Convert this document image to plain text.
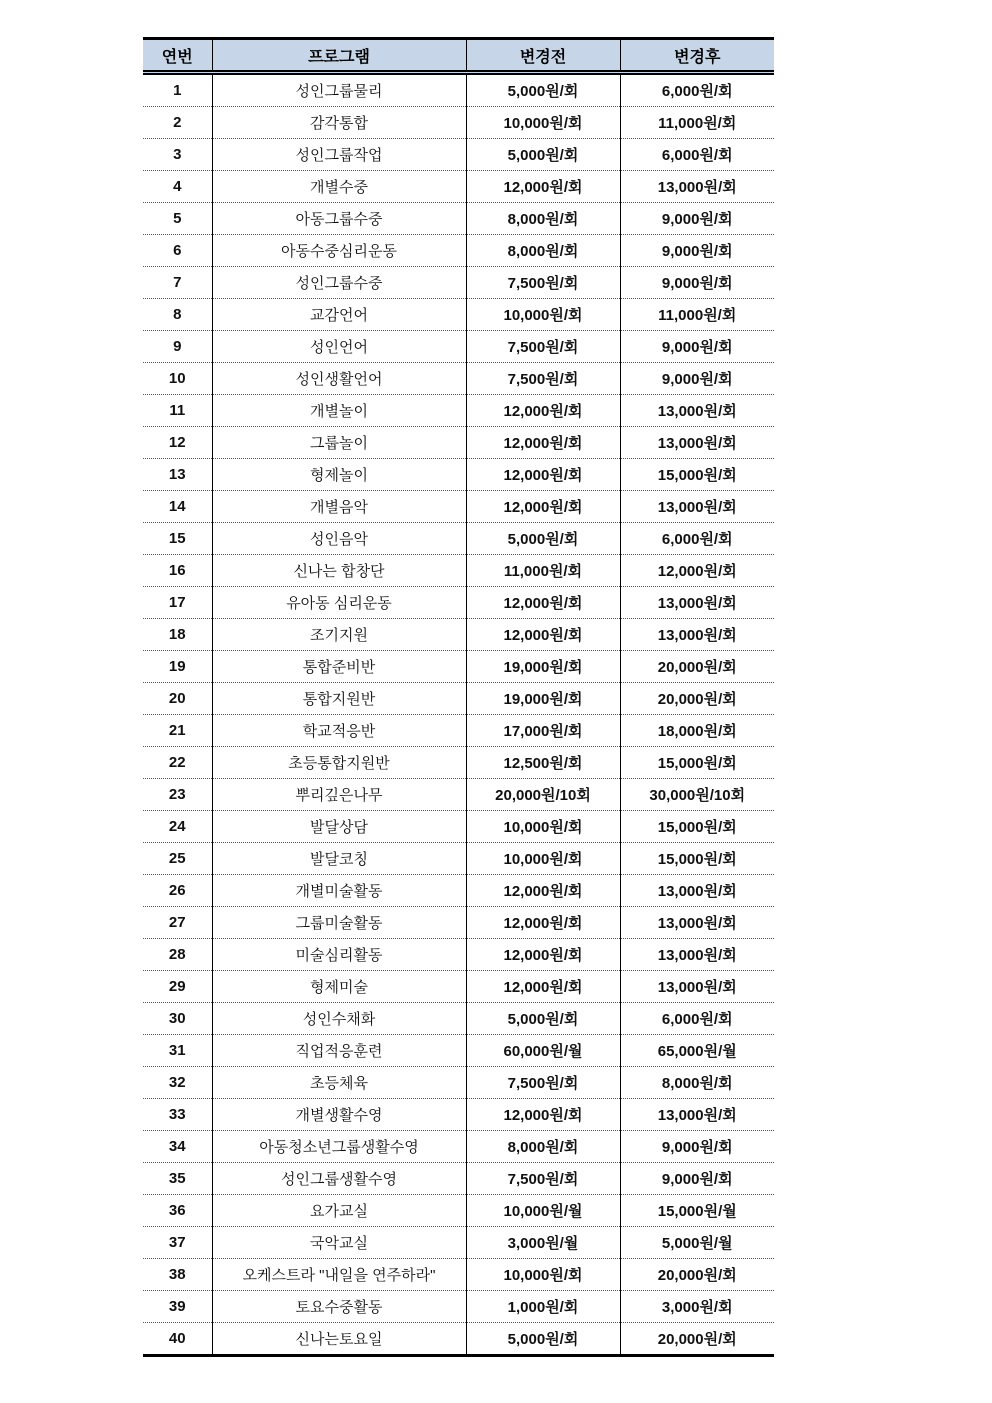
연번	프로그램	변경전	변경후
1	성인그룹물리	5,000원/회	6,000원/회
2	감각통합	10,000원/회	11,000원/회
3	성인그룹작업	5,000원/회	6,000원/회
4	개별수중	12,000원/회	13,000원/회
5	아동그룹수중	8,000원/회	9,000원/회
6	아동수중심리운동	8,000원/회	9,000원/회
7	성인그룹수중	7,500원/회	9,000원/회
8	교감언어	10,000원/회	11,000원/회
9	성인언어	7,500원/회	9,000원/회
10	성인생활언어	7,500원/회	9,000원/회
11	개별놀이	12,000원/회	13,000원/회
12	그룹놀이	12,000원/회	13,000원/회
13	형제놀이	12,000원/회	15,000원/회
14	개별음악	12,000원/회	13,000원/회
15	성인음악	5,000원/회	6,000원/회
16	신나는 합창단	11,000원/회	12,000원/회
17	유아동 심리운동	12,000원/회	13,000원/회
18	조기지원	12,000원/회	13,000원/회
19	통합준비반	19,000원/회	20,000원/회
20	통합지원반	19,000원/회	20,000원/회
21	학교적응반	17,000원/회	18,000원/회
22	초등통합지원반	12,500원/회	15,000원/회
23	뿌리깊은나무	20,000원/10회	30,000원/10회
24	발달상담	10,000원/회	15,000원/회
25	발달코칭	10,000원/회	15,000원/회
26	개별미술활동	12,000원/회	13,000원/회
27	그룹미술활동	12,000원/회	13,000원/회
28	미술심리활동	12,000원/회	13,000원/회
29	형제미술	12,000원/회	13,000원/회
30	성인수채화	5,000원/회	6,000원/회
31	직업적응훈련	60,000원/월	65,000원/월
32	초등체육	7,500원/회	8,000원/회
33	개별생활수영	12,000원/회	13,000원/회
34	아동청소년그룹생활수영	8,000원/회	9,000원/회
35	성인그룹생활수영	7,500원/회	9,000원/회
36	요가교실	10,000원/월	15,000원/월
37	국악교실	3,000원/월	5,000원/월
38	오케스트라 "내일을 연주하라"	10,000원/회	20,000원/회
39	토요수중활동	1,000원/회	3,000원/회
40	신나는토요일	5,000원/회	20,000원/회
